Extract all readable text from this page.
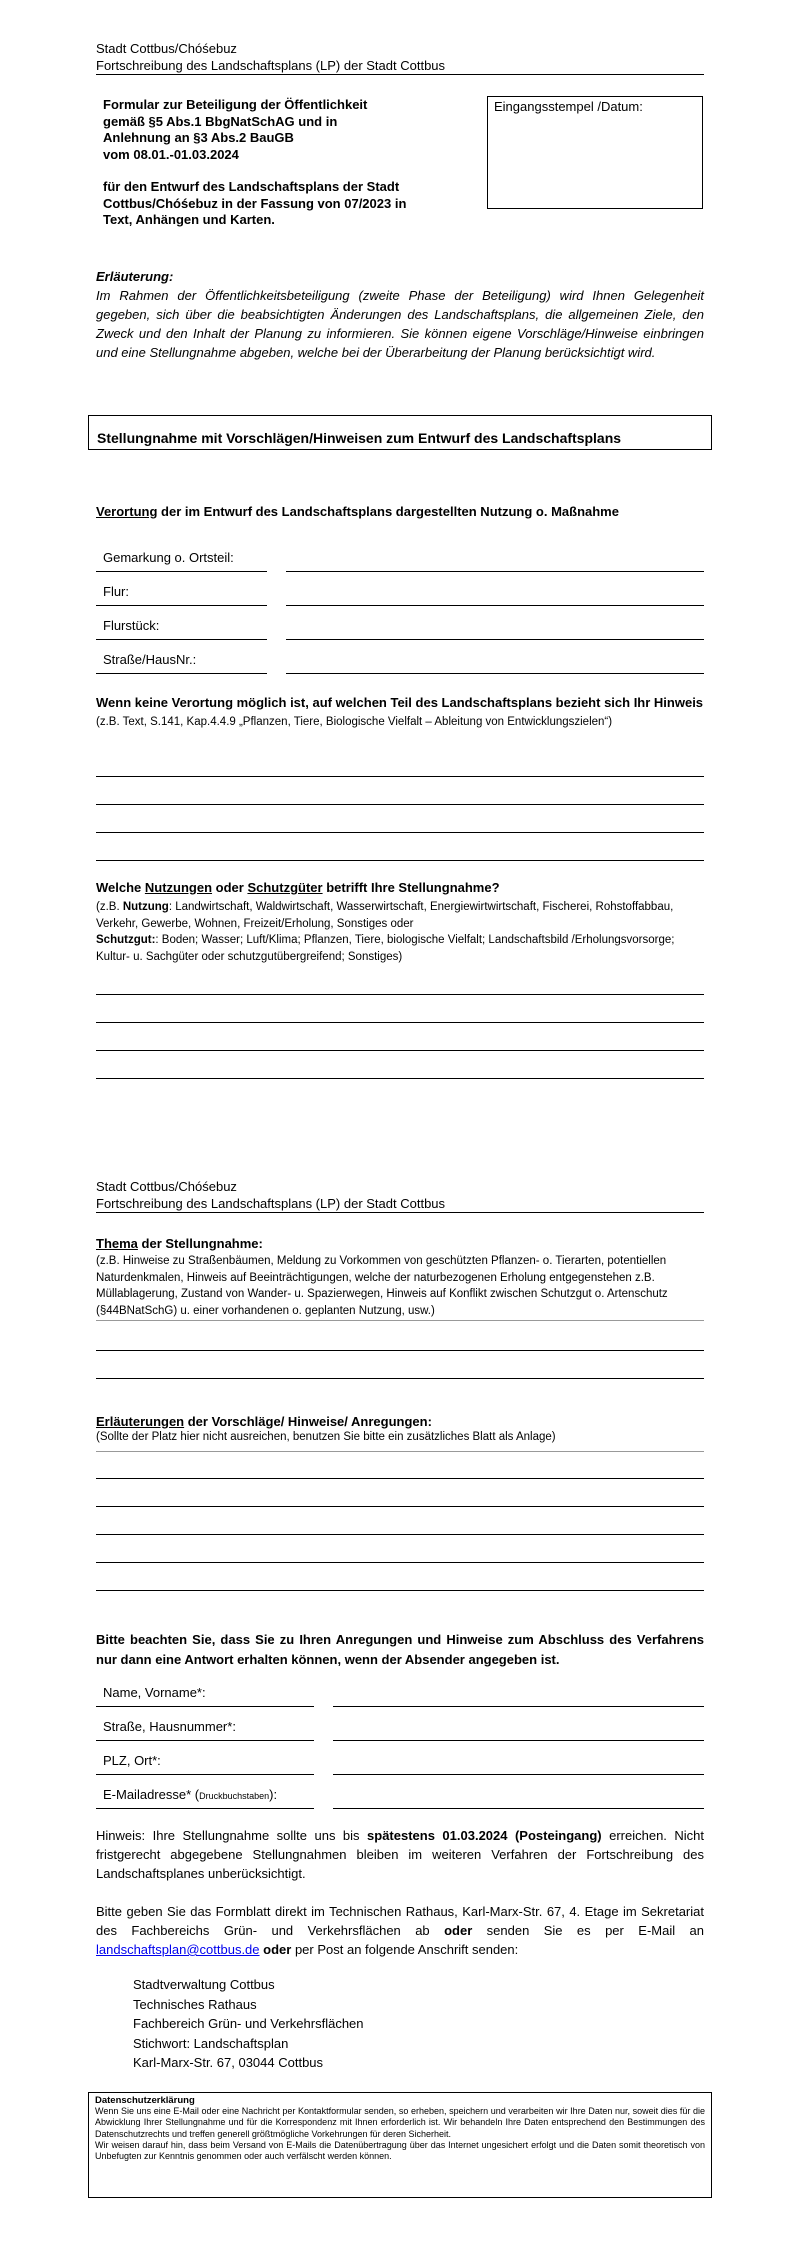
Stadt Cottbus/Chóśebuz
Fortschreibung des Landschaftsplans (LP) der Stadt Cottbus
Formular zur Beteiligung der Öffentlichkeit
gemäß §5 Abs.1 BbgNatSchAG und in
Anlehnung an §3 Abs.2 BauGB
vom 08.01.-01.03.2024
für den Entwurf des Landschaftsplans der Stadt
Cottbus/Chóśebuz in der Fassung von 07/2023 in
Text, Anhängen und Karten.
Eingangsstempel /Datum:
Erläuterung:
Im Rahmen der Öffentlichkeitsbeteiligung (zweite Phase der Beteiligung) wird Ihnen Gelegenheit gegeben, sich über die beabsichtigten Änderungen des Landschaftsplans, die allgemeinen Ziele, den Zweck und den Inhalt der Planung zu informieren. Sie können eigene Vorschläge/Hinweise einbringen und eine Stellungnahme abgeben, welche bei der Überarbeitung der Planung berücksichtigt wird.
Stellungnahme mit Vorschlägen/Hinweisen zum Entwurf des Landschaftsplans
Verortung der im Entwurf des Landschaftsplans dargestellten Nutzung o. Maßnahme
Gemarkung o. Ortsteil:
Flur:
Flurstück:
Straße/HausNr.:
Wenn keine Verortung möglich ist, auf welchen Teil des Landschaftsplans bezieht sich Ihr Hinweis (z.B. Text, S.141, Kap.4.4.9 „Pflanzen, Tiere, Biologische Vielfalt – Ableitung von Entwicklungszielen“)
Welche Nutzungen oder Schutzgüter betrifft Ihre Stellungnahme?
(z.B. Nutzung: Landwirtschaft, Waldwirtschaft, Wasserwirtschaft, Energiewirtwirtschaft, Fischerei, Rohstoffabbau, Verkehr, Gewerbe, Wohnen, Freizeit/Erholung, Sonstiges oder
Schutzgut:: Boden; Wasser; Luft/Klima; Pflanzen, Tiere, biologische Vielfalt; Landschaftsbild /Erholungsvorsorge; Kultur- u. Sachgüter oder schutzgutübergreifend; Sonstiges)
Stadt Cottbus/Chóśebuz
Fortschreibung des Landschaftsplans (LP) der Stadt Cottbus
Thema der Stellungnahme:
(z.B. Hinweise zu Straßenbäumen, Meldung zu Vorkommen von geschützten Pflanzen- o. Tierarten, potentiellen Naturdenkmalen, Hinweis auf Beeinträchtigungen, welche der naturbezogenen Erholung entgegenstehen z.B. Müllablagerung, Zustand von Wander- u. Spazierwegen, Hinweis auf Konflikt zwischen Schutzgut o. Artenschutz (§44BNatSchG) u. einer vorhandenen o. geplanten Nutzung, usw.)
Erläuterungen der Vorschläge/ Hinweise/ Anregungen:
(Sollte der Platz hier nicht ausreichen, benutzen Sie bitte ein zusätzliches Blatt als Anlage)
Bitte beachten Sie, dass Sie zu Ihren Anregungen und Hinweise zum Abschluss des Verfahrens nur dann eine Antwort erhalten können, wenn der Absender angegeben ist.
Name, Vorname*:
Straße, Hausnummer*:
PLZ, Ort*:
E-Mailadresse* (Druckbuchstaben):
Hinweis: Ihre Stellungnahme sollte uns bis spätestens 01.03.2024 (Posteingang) erreichen. Nicht fristgerecht abgegebene Stellungnahmen bleiben im weiteren Verfahren der Fortschreibung des Landschaftsplanes unberücksichtigt.
Bitte geben Sie das Formblatt direkt im Technischen Rathaus, Karl-Marx-Str. 67, 4. Etage im Sekretariat des Fachbereichs Grün- und Verkehrsflächen ab oder senden Sie es per E-Mail an landschaftsplan@cottbus.de oder per Post an folgende Anschrift senden:
Stadtverwaltung Cottbus
Technisches Rathaus
Fachbereich Grün- und Verkehrsflächen
Stichwort: Landschaftsplan
Karl-Marx-Str. 67, 03044 Cottbus
Datenschutzerklärung
Wenn Sie uns eine E-Mail oder eine Nachricht per Kontaktformular senden, so erheben, speichern und verarbeiten wir Ihre Daten nur, soweit dies für die Abwicklung Ihrer Stellungnahme und für die Korrespondenz mit Ihnen erforderlich ist. Wir behandeln Ihre Daten entsprechend den Bestimmungen des Datenschutzrechts und treffen generell größtmögliche Vorkehrungen für deren Sicherheit.
Wir weisen darauf hin, dass beim Versand von E-Mails die Datenübertragung über das Internet ungesichert erfolgt und die Daten somit theoretisch von Unbefugten zur Kenntnis genommen oder auch verfälscht werden können.
